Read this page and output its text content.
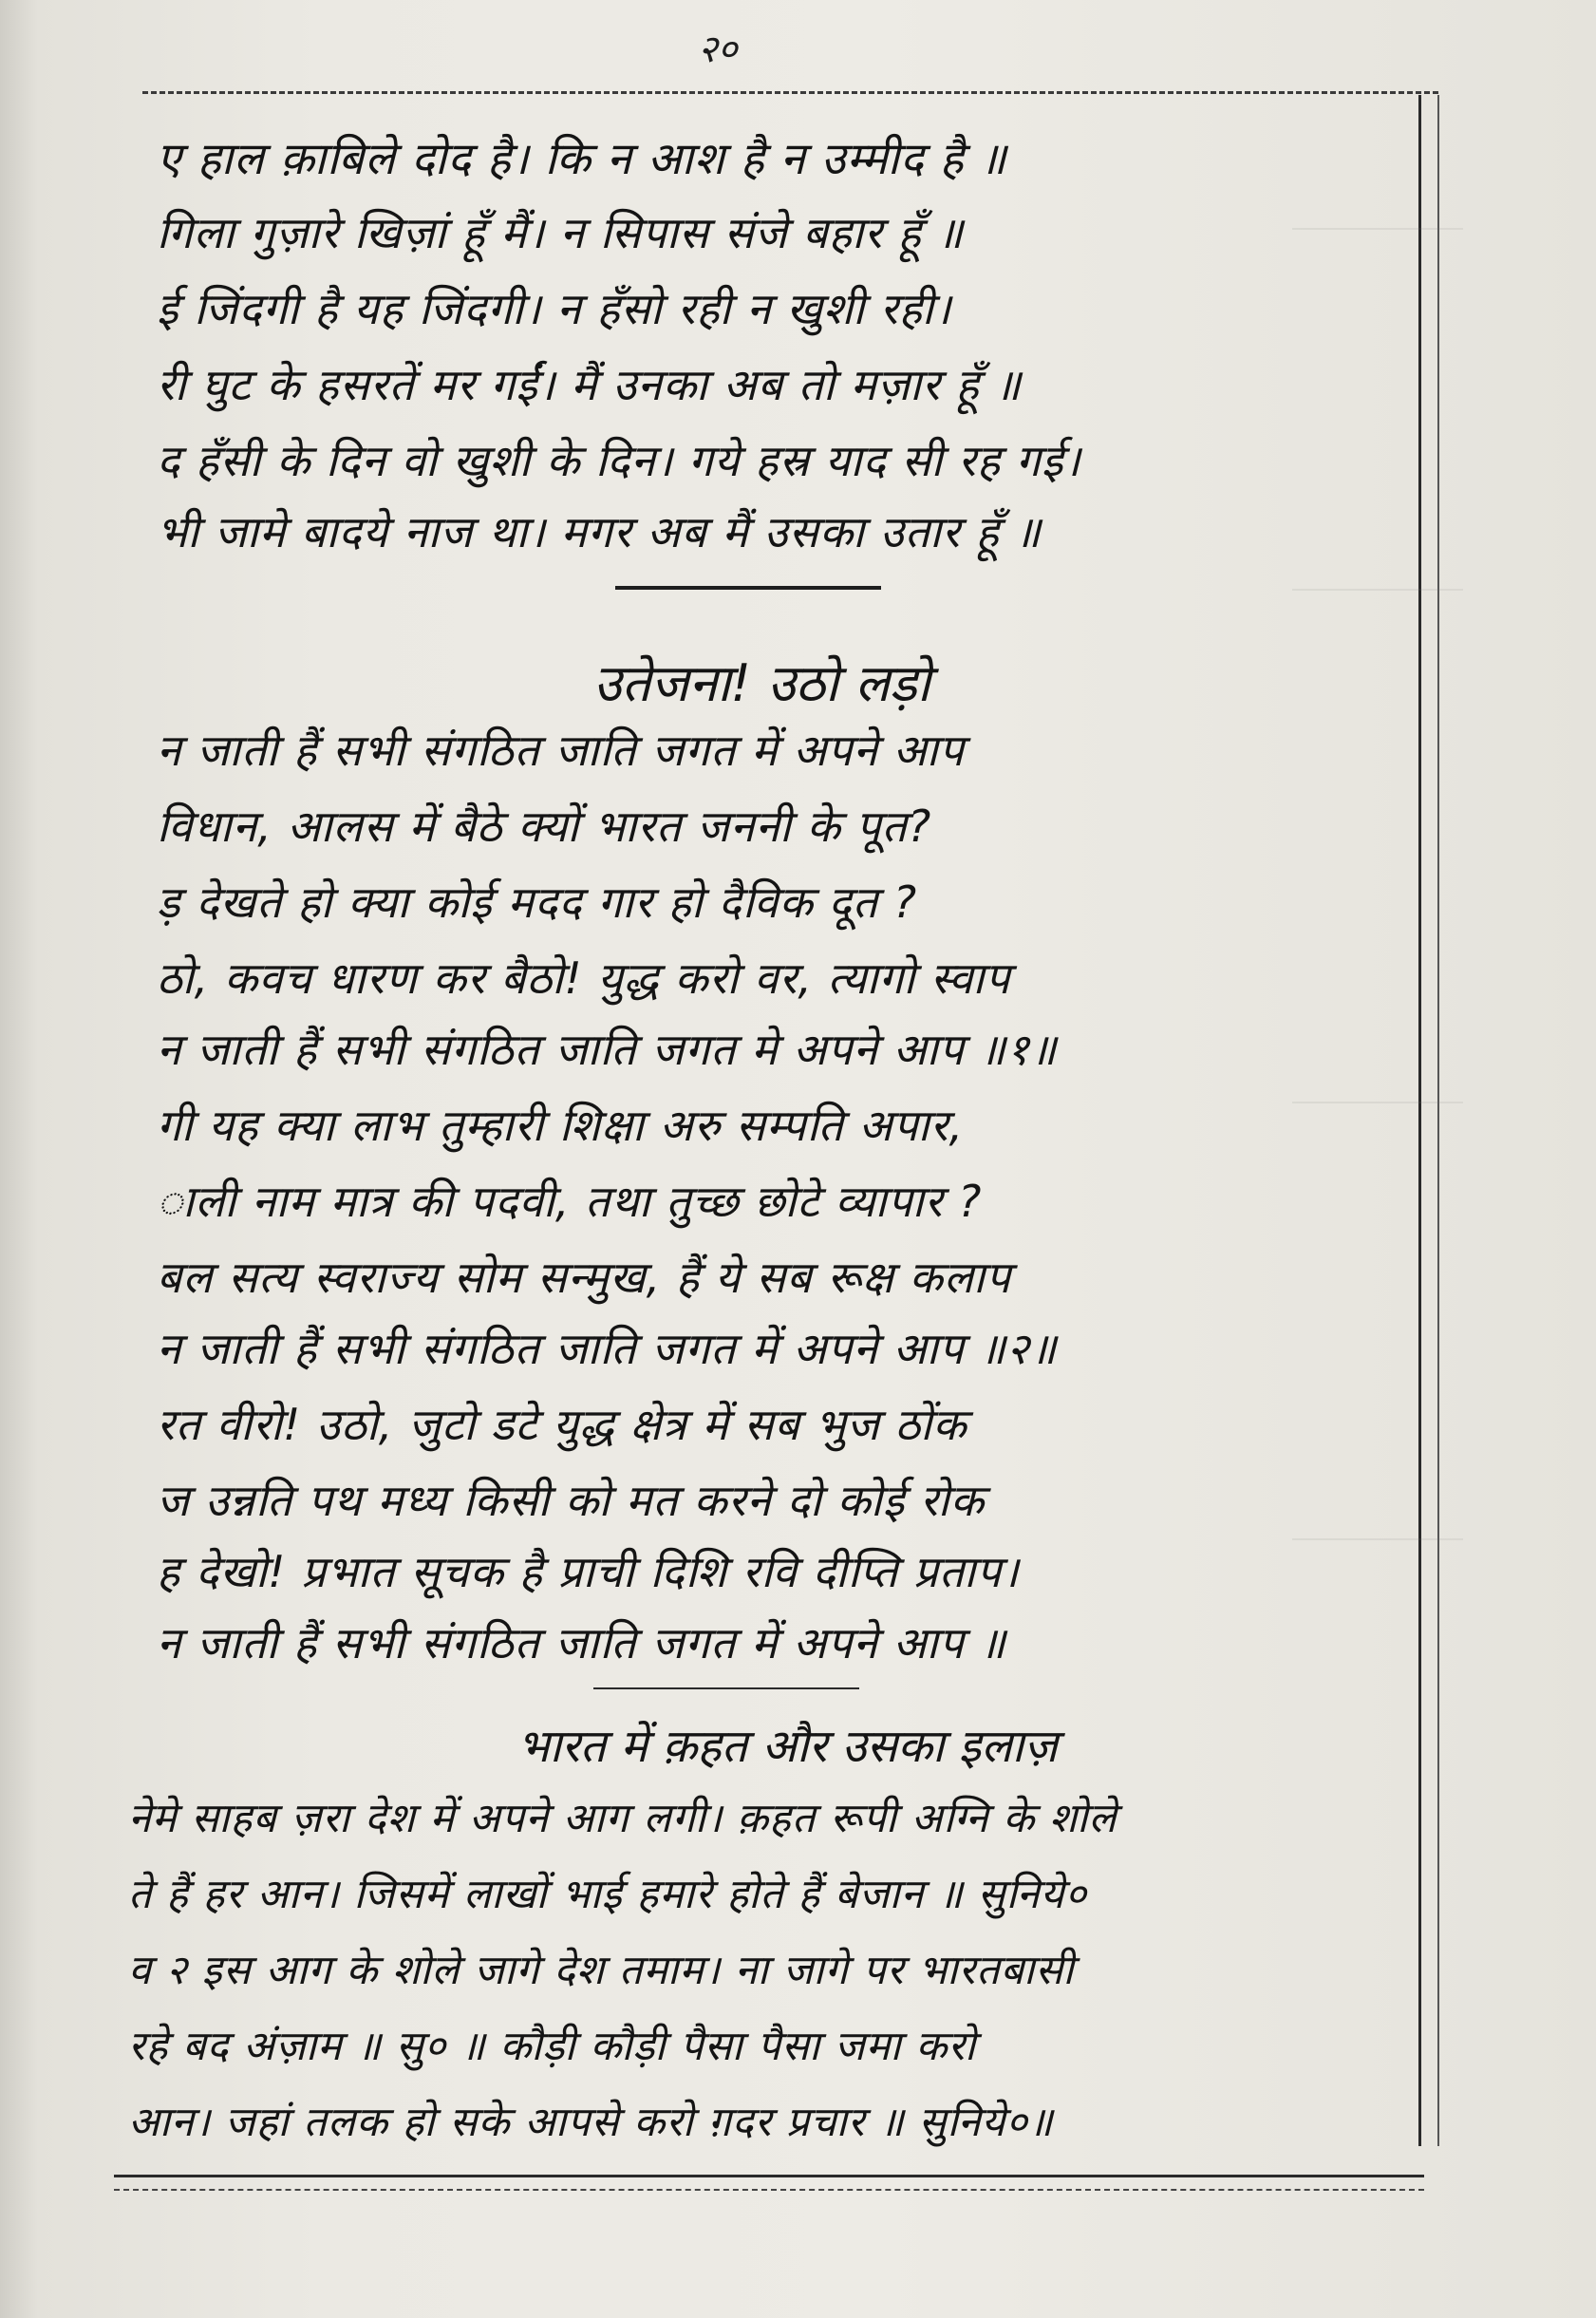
२०
ए हाल क़ाबिले दोद है। कि न आश है न उम्मीद है ॥
गिला गुज़ारे खिज़ां हूँ मैं। न सिपास संजे बहार हूँ ॥
ई जिंदगी है यह जिंदगी। न हँसो रही न खुशी रही।
री घुट के हसरतें मर गईं। मैं उनका अब तो मज़ार हूँ ॥
द हँसी के दिन वो खुशी के दिन। गये हस्र याद सी रह गई।
भी जामे बादये नाज था। मगर अब मैं उसका उतार हूँ ॥
उतेजना! उठो लड़ो
न जाती हैं सभी संगठित जाति जगत में अपने आप
विधान, आलस में बैठे क्यों भारत जननी के पूत?
ड़ देखते हो क्या कोई मदद गार हो दैविक दूत ?
ठो, कवच धारण कर बैठो! युद्ध करो वर, त्यागो स्वाप
न जाती हैं सभी संगठित जाति जगत मे अपने आप ॥१॥
गी यह क्या लाभ तुम्हारी शिक्षा अरु सम्पति अपार,
ाली नाम मात्र की पदवी, तथा तुच्छ छोटे व्यापार ?
बल सत्य स्वराज्य सोम सन्मुख, हैं ये सब रूक्ष कलाप
न जाती हैं सभी संगठित जाति जगत में अपने आप ॥२॥
रत वीरो! उठो, जुटो डटे युद्ध क्षेत्र में सब भुज ठोंक
ज उन्नति पथ मध्य किसी को मत करने दो कोई रोक
ह देखो! प्रभात सूचक है प्राची दिशि रवि दीप्ति प्रताप।
न जाती हैं सभी संगठित जाति जगत में अपने आप ॥
भारत में क़हत और उसका इलाज़
नेमे साहब ज़रा देश में अपने आग लगी। क़हत रूपी अग्नि के शोले
ते हैं हर आन। जिसमें लाखों भाई हमारे होते हैं बेजान ॥ सुनिये०
व २ इस आग के शोले जागे देश तमाम। ना जागे पर भारतबासी
रहे बद अंज़ाम ॥ सु० ॥ कौड़ी कौड़ी पैसा पैसा जमा करो
आन। जहां तलक हो सके आपसे करो ग़दर प्रचार ॥ सुनिये०॥
